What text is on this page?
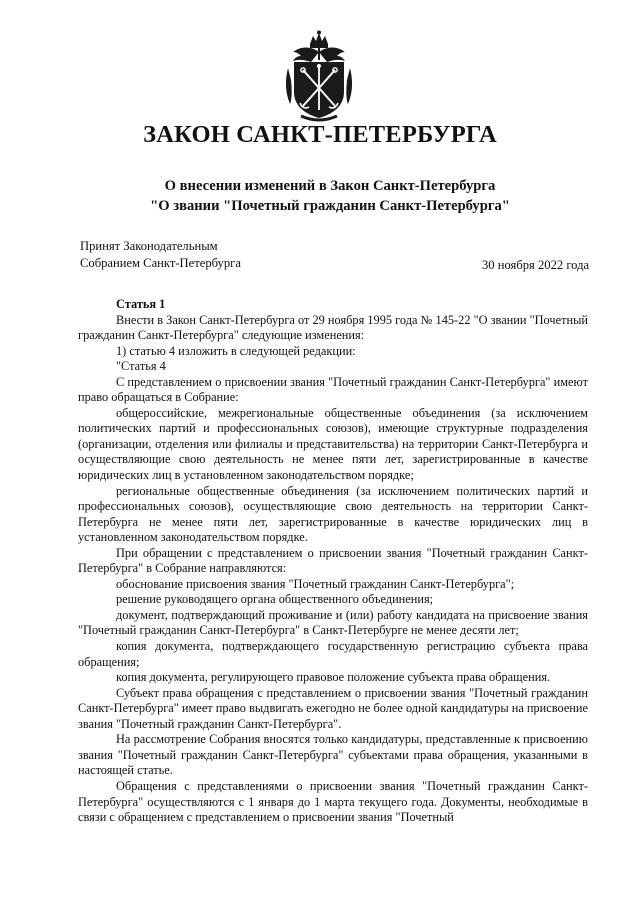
ЗАКОН САНКТ-ПЕТЕРБУРГА
О внесении изменений в Закон Санкт-Петербурга
"О звании "Почетный гражданин Санкт-Петербурга"
Принят Законодательным
Собранием Санкт-Петербурга	30 ноября 2022 года

Статья 1

Внести в Закон Санкт-Петербурга от 29 ноября 1995 года № 145-22 "О звании "Почетный гражданин Санкт-Петербурга" следующие изменения:

1) статью 4 изложить в следующей редакции:

"Статья 4

С представлением о присвоении звания "Почетный гражданин Санкт-Петербурга" имеют право обращаться в Собрание:

общероссийские, межрегиональные общественные объединения (за исключением политических партий и профессиональных союзов), имеющие структурные подразделения (организации, отделения или филиалы и представительства) на территории Санкт-Петербурга и осуществляющие свою деятельность не менее пяти лет, зарегистрированные в качестве юридических лиц в установленном законодательством порядке;

региональные общественные объединения (за исключением политических партий и профессиональных союзов), осуществляющие свою деятельность на территории Санкт-Петербурга не менее пяти лет, зарегистрированные в качестве юридических лиц в установленном законодательством порядке.

При обращении с представлением о присвоении звания "Почетный гражданин Санкт-Петербурга" в Собрание направляются:

обоснование присвоения звания "Почетный гражданин Санкт-Петербурга";

решение руководящего органа общественного объединения;

документ, подтверждающий проживание и (или) работу кандидата на присвоение звания "Почетный гражданин Санкт-Петербурга" в Санкт-Петербурге не менее десяти лет;

копия документа, подтверждающего государственную регистрацию субъекта права обращения;

копия документа, регулирующего правовое положение субъекта права обращения.

Субъект права обращения с представлением о присвоении звания "Почетный гражданин Санкт-Петербурга" имеет право выдвигать ежегодно не более одной кандидатуры на присвоение звания "Почетный гражданин Санкт-Петербурга".

На рассмотрение Собрания вносятся только кандидатуры, представленные к присвоению звания "Почетный гражданин Санкт-Петербурга" субъектами права обращения, указанными в настоящей статье.

Обращения с представлениями о присвоении звания "Почетный гражданин Санкт-Петербурга" осуществляются с 1 января до 1 марта текущего года. Документы, необходимые в связи с обращением с представлением о присвоении звания "Почетный
